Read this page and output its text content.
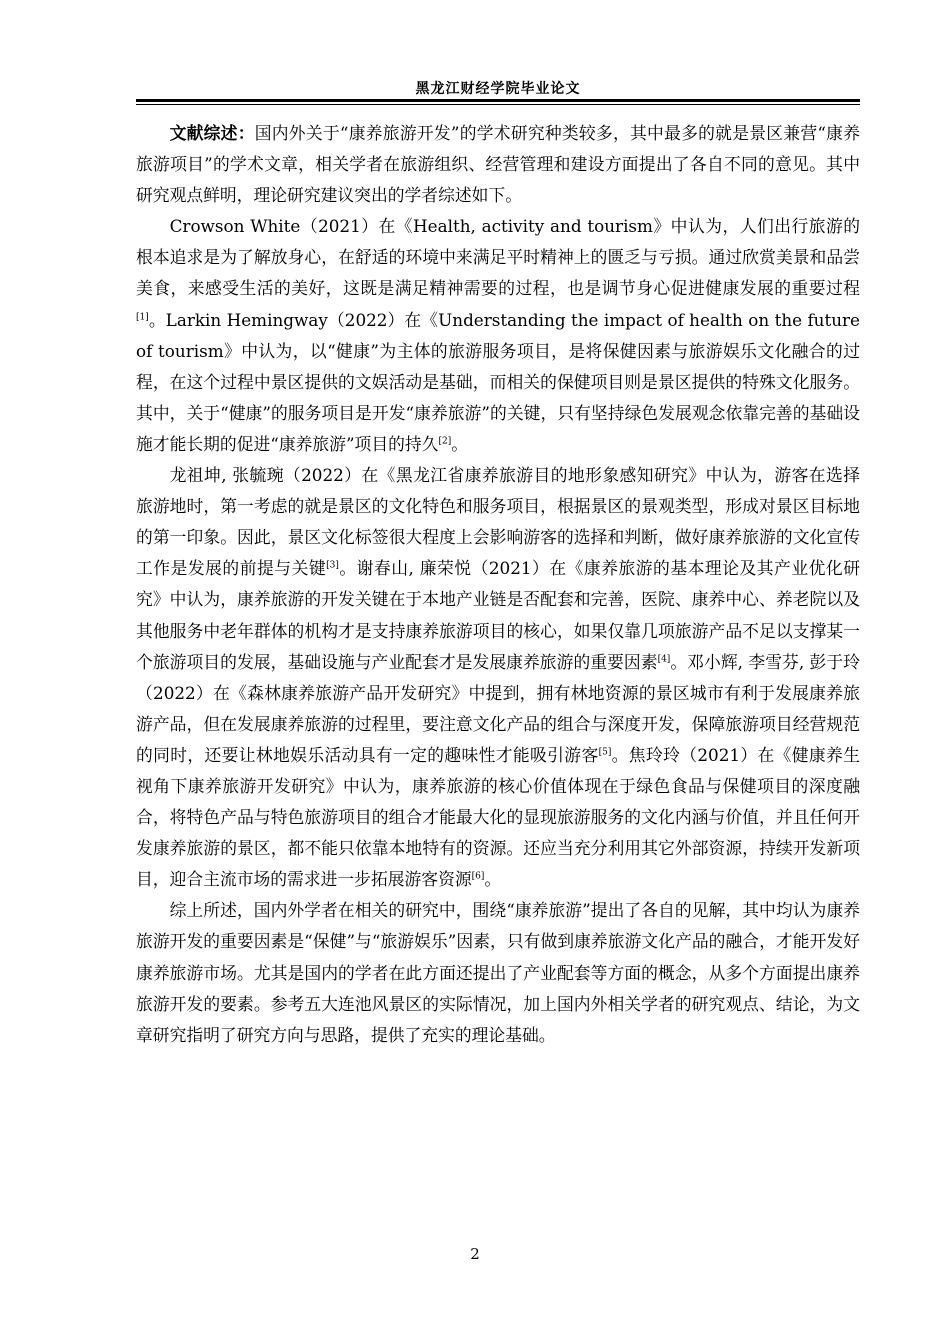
黑龙江财经学院毕业论文

文献综述：国内外关于“康养旅游开发”的学术研究种类较多，其中最多的就是景区兼营“康养旅游项目”的学术文章，相关学者在旅游组织、经营管理和建设方面提出了各自不同的意见。其中研究观点鲜明，理论研究建议突出的学者综述如下。

Crowson White（2021）在《Health, activity and tourism》中认为，人们出行旅游的根本追求是为了解放身心，在舒适的环境中来满足平时精神上的匮乏与亏损。通过欣赏美景和品尝美食，来感受生活的美好，这既是满足精神需要的过程，也是调节身心促进健康发展的重要过程[1]。Larkin Hemingway（2022）在《Understanding the impact of health on the future of tourism》中认为，以“健康”为主体的旅游服务项目，是将保健因素与旅游娱乐文化融合的过程，在这个过程中景区提供的文娱活动是基础，而相关的保健项目则是景区提供的特殊文化服务。其中，关于“健康”的服务项目是开发“康养旅游”的关键，只有坚持绿色发展观念依靠完善的基础设施才能长期的促进“康养旅游”项目的持久[2]。

龙祖坤, 张毓琬（2022）在《黑龙江省康养旅游目的地形象感知研究》中认为，游客在选择旅游地时，第一考虑的就是景区的文化特色和服务项目，根据景区的景观类型，形成对景区目标地的第一印象。因此，景区文化标签很大程度上会影响游客的选择和判断，做好康养旅游的文化宣传工作是发展的前提与关键[3]。谢春山, 廉荣悦（2021）在《康养旅游的基本理论及其产业优化研究》中认为，康养旅游的开发关键在于本地产业链是否配套和完善，医院、康养中心、养老院以及其他服务中老年群体的机构才是支持康养旅游项目的核心，如果仅靠几项旅游产品不足以支撑某一个旅游项目的发展，基础设施与产业配套才是发展康养旅游的重要因素[4]。邓小辉, 李雪芬, 彭于玲（2022）在《森林康养旅游产品开发研究》中提到，拥有林地资源的景区城市有利于发展康养旅游产品，但在发展康养旅游的过程里，要注意文化产品的组合与深度开发，保障旅游项目经营规范的同时，还要让林地娱乐活动具有一定的趣味性才能吸引游客[5]。焦玲玲（2021）在《健康养生视角下康养旅游开发研究》中认为，康养旅游的核心价值体现在于绿色食品与保健项目的深度融合，将特色产品与特色旅游项目的组合才能最大化的显现旅游服务的文化内涵与价值，并且任何开发康养旅游的景区，都不能只依靠本地特有的资源。还应当充分利用其它外部资源，持续开发新项目，迎合主流市场的需求进一步拓展游客资源[6]。

综上所述，国内外学者在相关的研究中，围绕“康养旅游”提出了各自的见解，其中均认为康养旅游开发的重要因素是“保健”与“旅游娱乐”因素，只有做到康养旅游文化产品的融合，才能开发好康养旅游市场。尤其是国内的学者在此方面还提出了产业配套等方面的概念，从多个方面提出康养旅游开发的要素。参考五大连池风景区的实际情况，加上国内外相关学者的研究观点、结论，为文章研究指明了研究方向与思路，提供了充实的理论基础。

2
